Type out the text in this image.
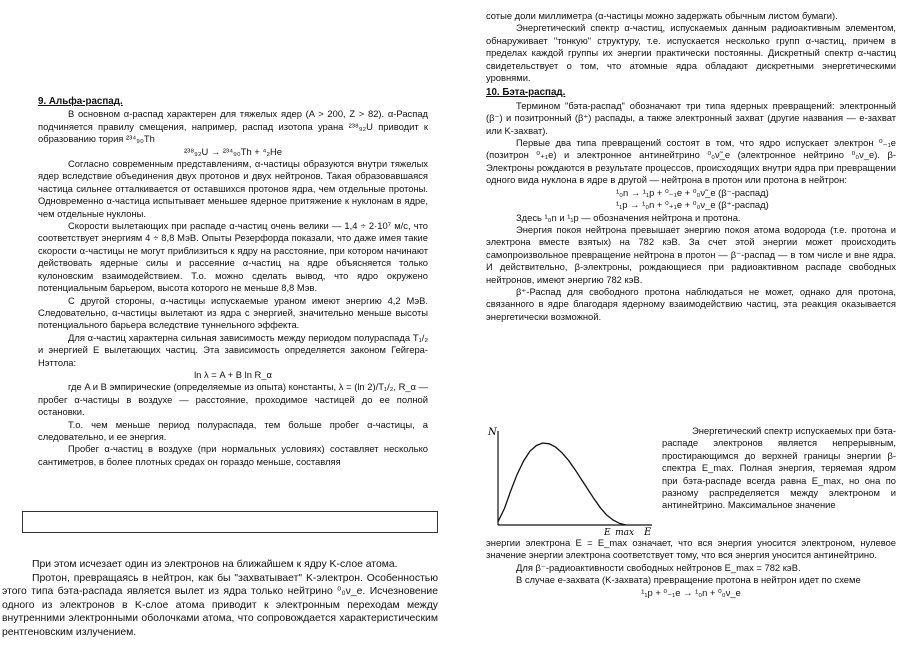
9. Альфа-распад.

В основном α-распад характерен для тяжелых ядер (A > 200, Z > 82). α-Распад подчиняется правилу смещения, например, распад изотопа урана ²³⁸₉₂U приводит к образованию тория ²³⁴₉₀Th

²³⁸₉₂U → ²³⁴₉₀Th + ⁴₂He

Согласно современным представлениям, α-частицы образуются внутри тяжелых ядер вследствие объединения двух протонов и двух нейтронов. Такая образовавшаяся частица сильнее отталкивается от оставшихся протонов ядра, чем отдельные протоны. Одновременно α-частица испытывает меньшее ядерное притяжение к нуклонам в ядре, чем отдельные нуклоны.

Скорости вылетающих при распаде α-частиц очень велики — 1,4 ÷ 2·10⁷ м/с, что соответствует энергиям 4 ÷ 8,8 МэВ. Опыты Резерфорда показали, что даже имея такие скорости α-частицы не могут приблизиться к ядру на расстояние, при котором начинают действовать ядерные силы и рассеяние α-частиц на ядре объясняется только кулоновским взаимодействием. Т.о. можно сделать вывод, что ядро окружено потенциальным барьером, высота которого не меньше 8,8 Мэв.

С другой стороны, α-частицы испускаемые ураном имеют энергию 4,2 МэВ. Следовательно, α-частицы вылетают из ядра с энергией, значительно меньше высоты потенциального барьера вследствие туннельного эффекта.

Для α-частиц характерна сильная зависимость между периодом полураспада T₁/₂ и энергией E вылетающих частиц. Эта зависимость определяется законом Гейгера-Нэттола:

ln λ = A + B ln R_α

где A и B эмпирические (определяемые из опыта) константы, λ = (ln 2)/T₁/₂, R_α — пробег α-частицы в воздухе — расстояние, проходимое частицей до ее полной остановки.

Т.о. чем меньше период полураспада, тем больше пробег α-частицы, а следовательно, и ее энергия.

Пробег α-частиц в воздухе (при нормальных условиях) составляет несколько сантиметров, в более плотных средах он гораздо меньше, составляя

При этом исчезает один из электронов на ближайшем к ядру K-слое атома.

Протон, превращаясь в нейтрон, как бы "захватывает" K-электрон. Особенностью этого типа бэта-распада является вылет из ядра только нейтрино ⁰₀ν_e. Исчезновение одного из электронов в K-слое атома приводит к электронным переходам между внутренними электронными оболочками атома, что сопровождается характеристическим рентгеновским излучением.

сотые доли миллиметра (α-частицы можно задержать обычным листом бумаги).

Энергетический спектр α-частиц, испускаемых данным радиоактивным элементом, обнаруживает "тонкую" структуру, т.е. испускается несколько групп α-частиц, причем в пределах каждой группы их энергии практически постоянны. Дискретный спектр α-частиц свидетельствует о том, что атомные ядра обладают дискретными энергетическими уровнями.

10. Бэта-распад.

Термином "бэта-распад" обозначают три типа ядерных превращений: электронный (β⁻) и позитронный (β⁺) распады, а также электронный захват (другие названия — e-захват или K-захват).

Первые два типа превращений состоят в том, что ядро испускает электрон ⁰₋₁e (позитрон ⁰₊₁e) и электронное антинейтрино ⁰₀ν̃_e (электронное нейтрино ⁰₀ν_e). β-Электроны рождаются в результате процессов, происходящих внутри ядра при превращении одного вида нуклона в ядре в другой — нейтрона в протон или протона в нейтрон:

¹₀n → ¹₁p + ⁰₋₁e + ⁰₀ν̃_e (β⁻-распад)

¹₁p → ¹₀n + ⁰₊₁e + ⁰₀ν_e (β⁺-распад)

Здесь ¹₀n и ¹₁p — обозначения нейтрона и протона.

Энергия покоя нейтрона превышает энергию покоя атома водорода (т.е. протона и электрона вместе взятых) на 782 кэВ. За счет этой энергии может происходить самопроизвольное превращение нейтрона в протон — β⁻-распад — в том числе и вне ядра. И действительно, β-электроны, рождающиеся при радиоактивном распаде свободных нейтронов, имеют энергию 782 кэВ.

β⁺-Распад для свободного протона наблюдаться не может, однако для протона, связанного в ядре благодаря ядерному взаимодействию частиц, эта реакция оказывается энергетически возможной.

N
E
E_max

Энергетический спектр испускаемых при бэта-распаде электронов является непрерывным, простирающимся до верхней границы энергии β-спектра E_max. Полная энергия, теряемая ядром при бэта-распаде всегда равна E_max, но она по разному распределяется между электроном и антинейтрино. Максимальное значение

энергии электрона E = E_max означает, что вся энергия уносится электроном, нулевое значение энергии электрона соответствует тому, что вся энергия уносится антинейтрино.

Для β⁻-радиоактивности свободных нейтронов E_max = 782 кэВ.

В случае e-захвата (K-захвата) превращение протона в нейтрон идет по схеме

¹₁p + ⁰₋₁e → ¹₀n + ⁰₀ν_e
